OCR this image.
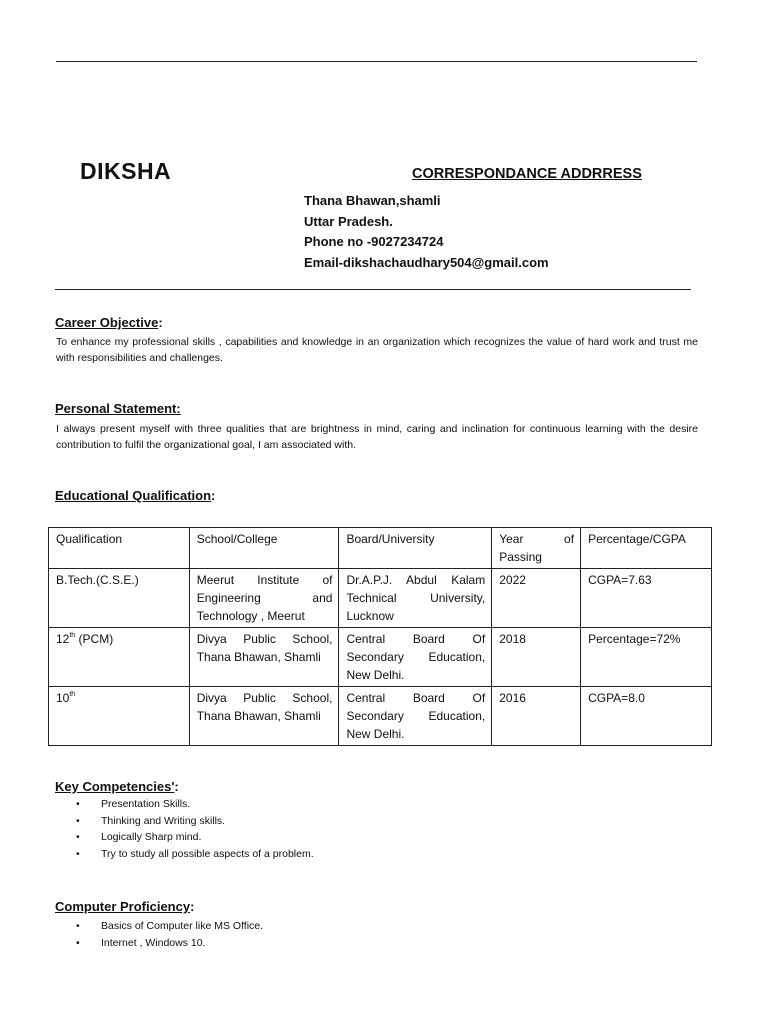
DIKSHA	CORRESPONDANCE ADDRRESS
Thana Bhawan,shamli
Uttar Pradesh.
Phone no -9027234724
Email-dikshachaudhary504@gmail.com
Career Objective:
To enhance my professional skills , capabilities and knowledge in an organization which recognizes the value of hard work and trust me with responsibilities and challenges.
Personal Statement:
I always present myself with three qualities that are brightness in mind, caring and inclination for continuous learning with the desire contribution to fulfil the organizational goal, I am associated with.
Educational Qualification:
Qualification	School/College	Board/University	Year of Passing	Percentage/CGPA
B.Tech.(C.S.E.)	Meerut Institute of Engineering and Technology , Meerut	Dr.A.P.J. Abdul Kalam Technical University, Lucknow	2022	CGPA=7.63
12th (PCM)	Divya Public School, Thana Bhawan, Shamli	Central Board Of Secondary Education, New Delhi.	2018	Percentage=72%
10th	Divya Public School, Thana Bhawan, Shamli	Central Board Of Secondary Education, New Delhi.	2016	CGPA=8.0
Key Competencies':
• Presentation Skills.
• Thinking and Writing skills.
• Logically Sharp mind.
• Try to study all possible aspects of a problem.
Computer Proficiency:
• Basics of Computer like MS Office.
• Internet , Windows 10.
